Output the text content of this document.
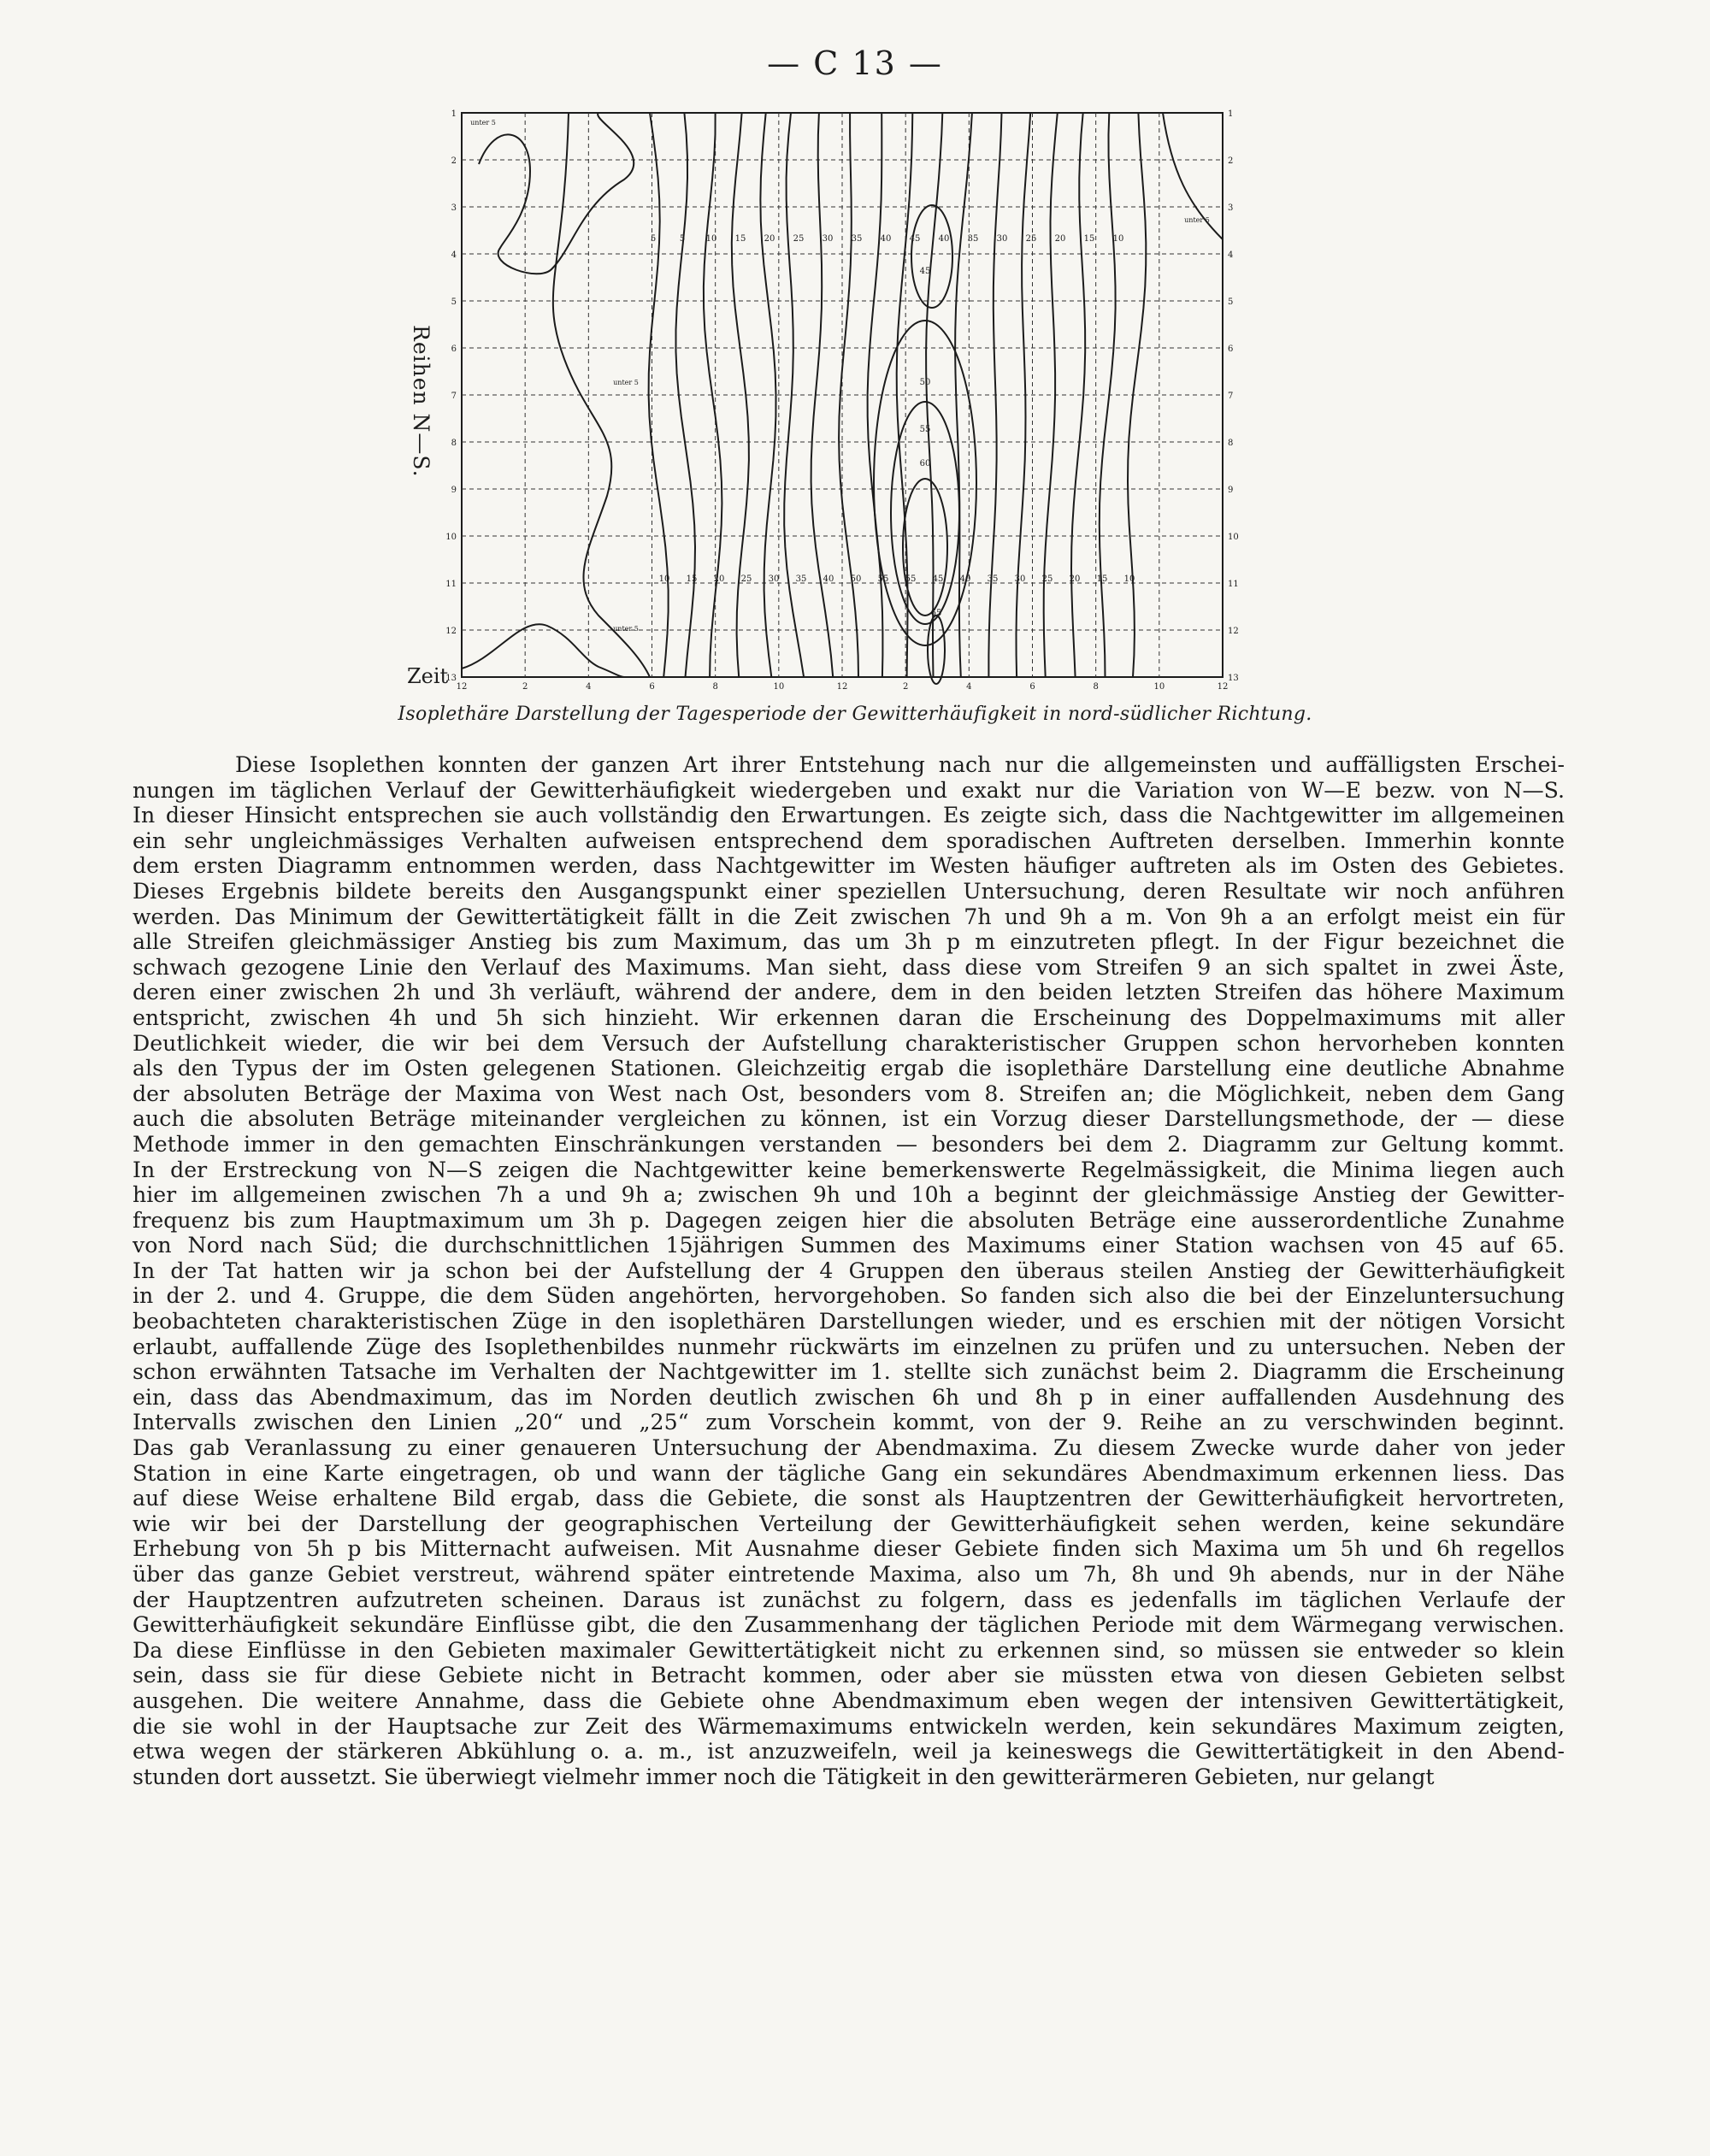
— C 13 —
Reihen N—S.
Zeit
1	1
2	2
3	3
4	4
5	5
6	6
7	7
8	8
9	9
10	10
11	11
12	12
13	13
12	2	4	6	8	10	12	2	4	6	8	10	12
5	5 10 15 20 25 30 35 40 45 40 35 30 25 20 15 10
10 15 20 25 30 35 40 50 55 55 45 40 35 30 25 20 15 10
45
50
55
60
65
unter 5
unter 5
unter 5
unter 5
Isoplethäre Darstellung der Tagesperiode der Gewitterhäufigkeit in nord-südlicher Richtung.
Diese Isoplethen konnten der ganzen Art ihrer Entstehung nach nur die allgemeinsten und auffälligsten Erschei-
nungen im täglichen Verlauf der Gewitterhäufigkeit wiedergeben und exakt nur die Variation von W—E bezw. von N—S.
In dieser Hinsicht entsprechen sie auch vollständig den Erwartungen. Es zeigte sich, dass die Nachtgewitter im allgemeinen
ein sehr ungleichmässiges Verhalten aufweisen entsprechend dem sporadischen Auftreten derselben. Immerhin konnte
dem ersten Diagramm entnommen werden, dass Nachtgewitter im Westen häufiger auftreten als im Osten des Gebietes.
Dieses Ergebnis bildete bereits den Ausgangspunkt einer speziellen Untersuchung, deren Resultate wir noch anführen
werden. Das Minimum der Gewittertätigkeit fällt in die Zeit zwischen 7h und 9h a m. Von 9h a an erfolgt meist ein für
alle Streifen gleichmässiger Anstieg bis zum Maximum, das um 3h p m einzutreten pflegt. In der Figur bezeichnet die
schwach gezogene Linie den Verlauf des Maximums. Man sieht, dass diese vom Streifen 9 an sich spaltet in zwei Äste,
deren einer zwischen 2h und 3h verläuft, während der andere, dem in den beiden letzten Streifen das höhere Maximum
entspricht, zwischen 4h und 5h sich hinzieht. Wir erkennen daran die Erscheinung des Doppelmaximums mit aller
Deutlichkeit wieder, die wir bei dem Versuch der Aufstellung charakteristischer Gruppen schon hervorheben konnten
als den Typus der im Osten gelegenen Stationen. Gleichzeitig ergab die isoplethäre Darstellung eine deutliche Abnahme
der absoluten Beträge der Maxima von West nach Ost, besonders vom 8. Streifen an; die Möglichkeit, neben dem Gang
auch die absoluten Beträge miteinander vergleichen zu können, ist ein Vorzug dieser Darstellungsmethode, der — diese
Methode immer in den gemachten Einschränkungen verstanden — besonders bei dem 2. Diagramm zur Geltung kommt.
In der Erstreckung von N—S zeigen die Nachtgewitter keine bemerkenswerte Regelmässigkeit, die Minima liegen auch
hier im allgemeinen zwischen 7h a und 9h a; zwischen 9h und 10h a beginnt der gleichmässige Anstieg der Gewitter-
frequenz bis zum Hauptmaximum um 3h p. Dagegen zeigen hier die absoluten Beträge eine ausserordentliche Zunahme
von Nord nach Süd; die durchschnittlichen 15jährigen Summen des Maximums einer Station wachsen von 45 auf 65.
In der Tat hatten wir ja schon bei der Aufstellung der 4 Gruppen den überaus steilen Anstieg der Gewitterhäufigkeit
in der 2. und 4. Gruppe, die dem Süden angehörten, hervorgehoben. So fanden sich also die bei der Einzeluntersuchung
beobachteten charakteristischen Züge in den isoplethären Darstellungen wieder, und es erschien mit der nötigen Vorsicht
erlaubt, auffallende Züge des Isoplethenbildes nunmehr rückwärts im einzelnen zu prüfen und zu untersuchen. Neben der
schon erwähnten Tatsache im Verhalten der Nachtgewitter im 1. stellte sich zunächst beim 2. Diagramm die Erscheinung
ein, dass das Abendmaximum, das im Norden deutlich zwischen 6h und 8h p in einer auffallenden Ausdehnung des
Intervalls zwischen den Linien „20“ und „25“ zum Vorschein kommt, von der 9. Reihe an zu verschwinden beginnt.
Das gab Veranlassung zu einer genaueren Untersuchung der Abendmaxima. Zu diesem Zwecke wurde daher von jeder
Station in eine Karte eingetragen, ob und wann der tägliche Gang ein sekundäres Abendmaximum erkennen liess. Das
auf diese Weise erhaltene Bild ergab, dass die Gebiete, die sonst als Hauptzentren der Gewitterhäufigkeit hervortreten,
wie wir bei der Darstellung der geographischen Verteilung der Gewitterhäufigkeit sehen werden, keine sekundäre
Erhebung von 5h p bis Mitternacht aufweisen. Mit Ausnahme dieser Gebiete finden sich Maxima um 5h und 6h regellos
über das ganze Gebiet verstreut, während später eintretende Maxima, also um 7h, 8h und 9h abends, nur in der Nähe
der Hauptzentren aufzutreten scheinen. Daraus ist zunächst zu folgern, dass es jedenfalls im täglichen Verlaufe der
Gewitterhäufigkeit sekundäre Einflüsse gibt, die den Zusammenhang der täglichen Periode mit dem Wärmegang verwischen.
Da diese Einflüsse in den Gebieten maximaler Gewittertätigkeit nicht zu erkennen sind, so müssen sie entweder so klein
sein, dass sie für diese Gebiete nicht in Betracht kommen, oder aber sie müssten etwa von diesen Gebieten selbst
ausgehen. Die weitere Annahme, dass die Gebiete ohne Abendmaximum eben wegen der intensiven Gewittertätigkeit,
die sie wohl in der Hauptsache zur Zeit des Wärmemaximums entwickeln werden, kein sekundäres Maximum zeigten,
etwa wegen der stärkeren Abkühlung o. a. m., ist anzuzweifeln, weil ja keineswegs die Gewittertätigkeit in den Abend-
stunden dort aussetzt. Sie überwiegt vielmehr immer noch die Tätigkeit in den gewitterärmeren Gebieten, nur gelangt
